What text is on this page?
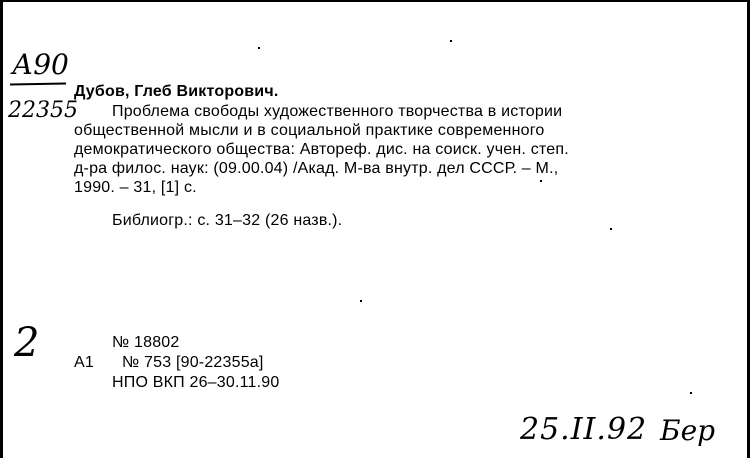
А90
22355
Дубов, Глеб Викторович.
Проблема свободы художественного творчества в истории
общественной мысли и в социальной практике современного
демократического общества: Автореф. дис. на соиск. учен. степ.
д-ра филос. наук: (09.00.04) /Акад. М-ва внутр. дел СССР. – М.,
1990. – 31, [1] с.
Библиогр.: с. 31–32 (26 назв.).
2	№ 18802
А1 № 753 [90-22355а]
НПО ВКП 26–30.11.90
25.ІІ.92 Бер
